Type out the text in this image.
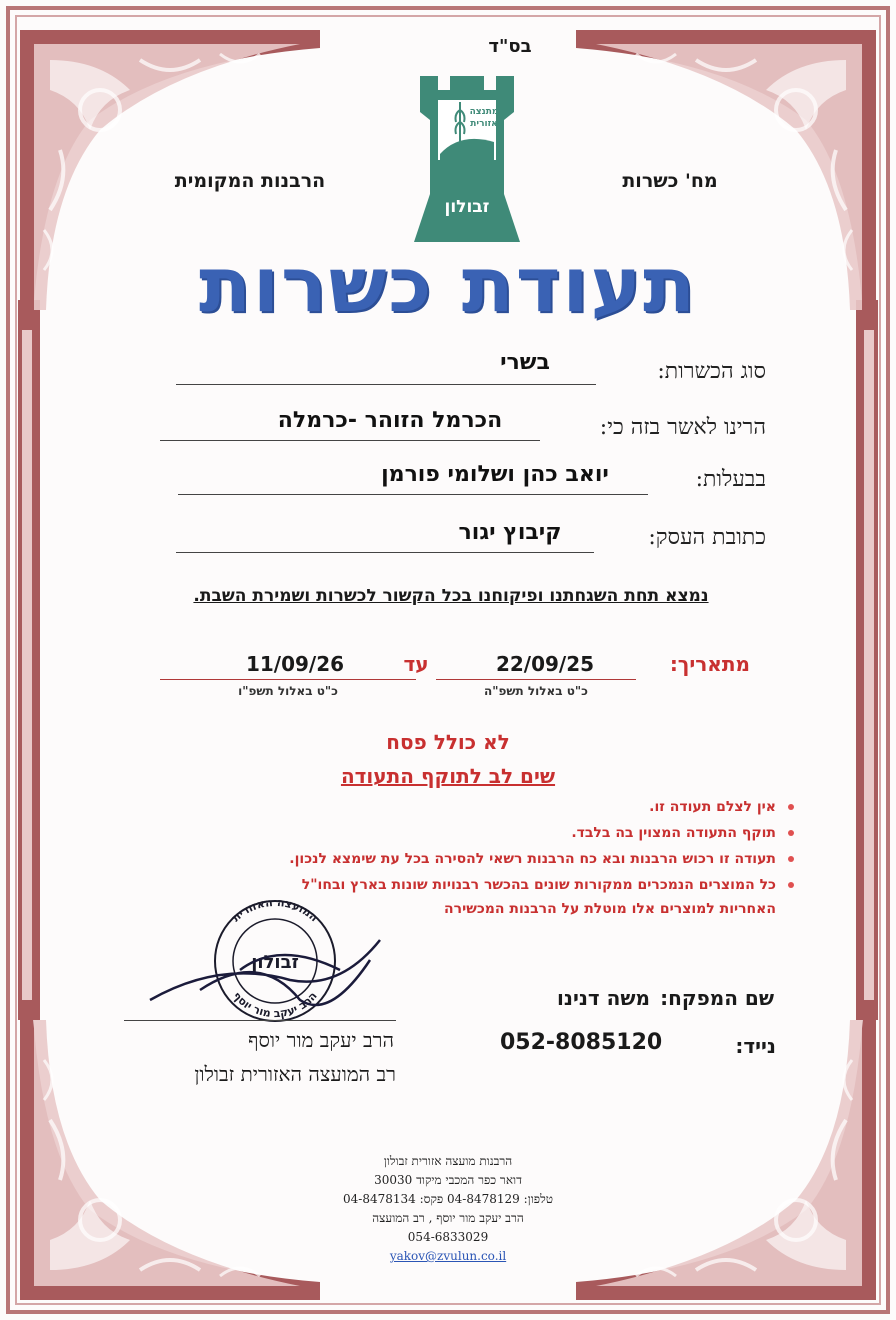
בס"ד
הרבנות המקומית	מח' כשרות
מתנצה
אזורית
זבולון
תעודת כשרות
סוג הכשרות:
בשרי
הרינו לאשר בזה כי:
הכרמל הזוהר -כרמלה
בבעלות:
יואב כהן ושלומי פורמן
כתובת העסק:
קיבוץ יגור
נמצא תחת השגחתנו ופיקוחנו בכל הקשור לכשרות ושמירת השבת.
מתאריך:
22/09/25
כ"ט באלול תשפ"ה
עד
11/09/26
כ"ט באלול תשפ"ו
לא כולל פסח
שים לב לתוקף התעודה
אין לצלם תעודה זו.
תוקף התעודה המצוין בה בלבד.
תעודה זו רכוש הרבנות ובא כח הרבנות רשאי להסירה בכל עת שימצא לנכון.
כל המוצרים הנמכרים ממקורות שונים בהכשר רבנויות שונות בארץ ובחו"ל
האחריות למוצרים אלו מוטלת על הרבנות המכשירה
המועצה האזורית
הרב יעקב מור יוסף
זבולון
הרב יעקב מור יוסף
רב המועצה האזורית זבולון
שם המפקח:
משה דנינו
נייד:
052-8085120
הרבנות מועצה אזורית זבולון
דואר כפר המכבי מיקוד 30030
טלפון: 04-8478129 פקס: 04-8478134
הרב יעקב מור יוסף , רב המועצה
054-6833029
yakov@zvulun.co.il
